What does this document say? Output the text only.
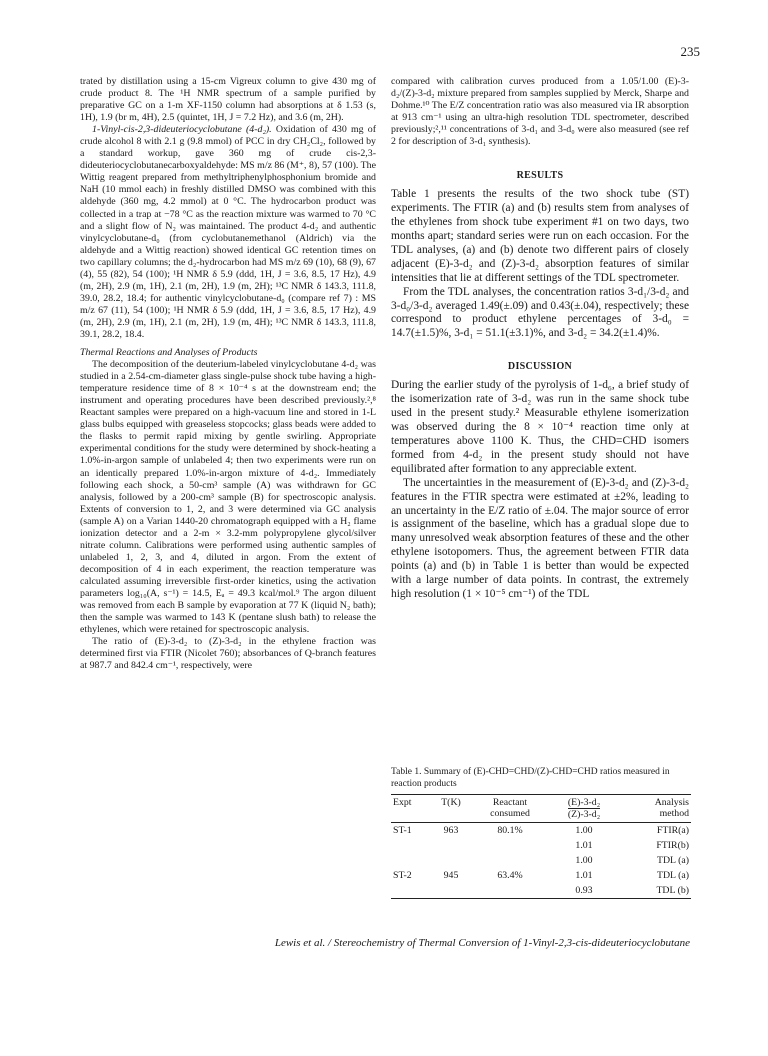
235

trated by distillation using a 15-cm Vigreux column to give 430 mg of crude product 8. The ¹H NMR spectrum of a sample purified by preparative GC on a 1-m XF-1150 column had absorptions at δ 1.53 (s, 1H), 1.9 (br m, 4H), 2.5 (quintet, 1H, J = 7.2 Hz), and 3.6 (m, 2H).

1-Vinyl-cis-2,3-dideuteriocyclobutane (4-d₂). Oxidation of 430 mg of crude alcohol 8 with 2.1 g (9.8 mmol) of PCC in dry CH₂Cl₂, followed by a standard workup, gave 360 mg of crude cis-2,3-dideuteriocyclobutanecarboxyaldehyde: MS m/z 86 (M⁺, 8), 57 (100). The Wittig reagent prepared from methyltriphenylphosphonium bromide and NaH (10 mmol each) in freshly distilled DMSO was combined with this aldehyde (360 mg, 4.2 mmol) at 0 °C. The hydrocarbon product was collected in a trap at −78 °C as the reaction mixture was warmed to 70 °C and a slight flow of N₂ was maintained. The product 4-d₂ and authentic vinylcyclobutane-d₀ (from cyclobutanemethanol (Aldrich) via the aldehyde and a Wittig reaction) showed identical GC retention times on two capillary columns; the d₂-hydrocarbon had MS m/z 69 (10), 68 (9), 67 (4), 55 (82), 54 (100); ¹H NMR δ 5.9 (ddd, 1H, J = 3.6, 8.5, 17 Hz), 4.9 (m, 2H), 2.9 (m, 1H), 2.1 (m, 2H), 1.9 (m, 2H); ¹³C NMR δ 143.3, 111.8, 39.0, 28.2, 18.4; for authentic vinylcyclobutane-d₀ (compare ref 7) : MS m/z 67 (11), 54 (100); ¹H NMR δ 5.9 (ddd, 1H, J = 3.6, 8.5, 17 Hz), 4.9 (m, 2H), 2.9 (m, 1H), 2.1 (m, 2H), 1.9 (m, 4H); ¹³C NMR δ 143.3, 111.8, 39.1, 28.2, 18.4.

Thermal Reactions and Analyses of Products

The decomposition of the deuterium-labeled vinylcyclobutane 4-d₂ was studied in a 2.54-cm-diameter glass single-pulse shock tube having a high-temperature residence time of 8 × 10⁻⁴ s at the downstream end; the instrument and operating procedures have been described previously.²,⁸ Reactant samples were prepared on a high-vacuum line and stored in 1-L glass bulbs equipped with greaseless stopcocks; glass beads were added to the flasks to permit rapid mixing by gentle swirling. Appropriate experimental conditions for the study were determined by shock-heating a 1.0%-in-argon sample of unlabeled 4; then two experiments were run on an identically prepared 1.0%-in-argon mixture of 4-d₂. Immediately following each shock, a 50-cm³ sample (A) was withdrawn for GC analysis, followed by a 200-cm³ sample (B) for spectroscopic analysis. Extents of conversion to 1, 2, and 3 were determined via GC analysis (sample A) on a Varian 1440-20 chromatograph equipped with a H₂ flame ionization detector and a 2-m × 3.2-mm polypropylene glycol/silver nitrate column. Calibrations were performed using authentic samples of unlabeled 1, 2, 3, and 4, diluted in argon. From the extent of decomposition of 4 in each experiment, the reaction temperature was calculated assuming irreversible first-order kinetics, using the activation parameters log₁₀(A, s⁻¹) = 14.5, Eₐ = 49.3 kcal/mol.⁹ The argon diluent was removed from each B sample by evaporation at 77 K (liquid N₂ bath); then the sample was warmed to 143 K (pentane slush bath) to release the ethylenes, which were retained for spectroscopic analysis.

The ratio of (E)-3-d₂ to (Z)-3-d₂ in the ethylene fraction was determined first via FTIR (Nicolet 760); absorbances of Q-branch features at 987.7 and 842.4 cm⁻¹, respectively, were

compared with calibration curves produced from a 1.05/1.00 (E)-3-d₂/(Z)-3-d₂ mixture prepared from samples supplied by Merck, Sharpe and Dohme.¹⁰ The E/Z concentration ratio was also measured via IR absorption at 913 cm⁻¹ using an ultra-high resolution TDL spectrometer, described previously;²,¹¹ concentrations of 3-d₁ and 3-d₀ were also measured (see ref 2 for description of 3-d₁ synthesis).

RESULTS

Table 1 presents the results of the two shock tube (ST) experiments. The FTIR (a) and (b) results stem from analyses of the ethylenes from shock tube experiment #1 on two days, two months apart; standard series were run on each occasion. For the TDL analyses, (a) and (b) denote two different pairs of closely adjacent (E)-3-d₂ and (Z)-3-d₂ absorption features of similar intensities that lie at different settings of the TDL spectrometer.

From the TDL analyses, the concentration ratios 3-d₁/3-d₂ and 3-d₀/3-d₂ averaged 1.49(±.09) and 0.43(±.04), respectively; these correspond to product ethylene percentages of 3-d₀ = 14.7(±1.5)%, 3-d₁ = 51.1(±3.1)%, and 3-d₂ = 34.2(±1.4)%.

DISCUSSION

During the earlier study of the pyrolysis of 1-d₆, a brief study of the isomerization rate of 3-d₂ was run in the same shock tube used in the present study.² Measurable ethylene isomerization was observed during the 8 × 10⁻⁴ reaction time only at temperatures above 1100 K. Thus, the CHD=CHD isomers formed from 4-d₂ in the present study should not have equilibrated after formation to any appreciable extent.

The uncertainties in the measurement of (E)-3-d₂ and (Z)-3-d₂ features in the FTIR spectra were estimated at ±2%, leading to an uncertainty in the E/Z ratio of ±.04. The major source of error is assignment of the baseline, which has a gradual slope due to many unresolved weak absorption features of these and the other ethylene isotopomers. Thus, the agreement between FTIR data points (a) and (b) in Table 1 is better than would be expected with a large number of data points. In contrast, the extremely high resolution (1 × 10⁻⁵ cm⁻¹) of the TDL

Table 1. Summary of (E)-CHD=CHD/(Z)-CHD=CHD ratios measured in reaction products
Expt	T(K)	Reactant
consumed	$\frac{\text{(E)-3-d₂}}{\text{(Z)-3-d₂}}$	Analysis
method
ST-1	963	80.1%	1.00	FTIR(a)
			1.01	FTIR(b)
			1.00	TDL (a)
ST-2	945	63.4%	1.01	TDL (a)
			0.93	TDL (b)
Lewis et al. / Stereochemistry of Thermal Conversion of 1-Vinyl-2,3-cis-dideuteriocyclobutane
